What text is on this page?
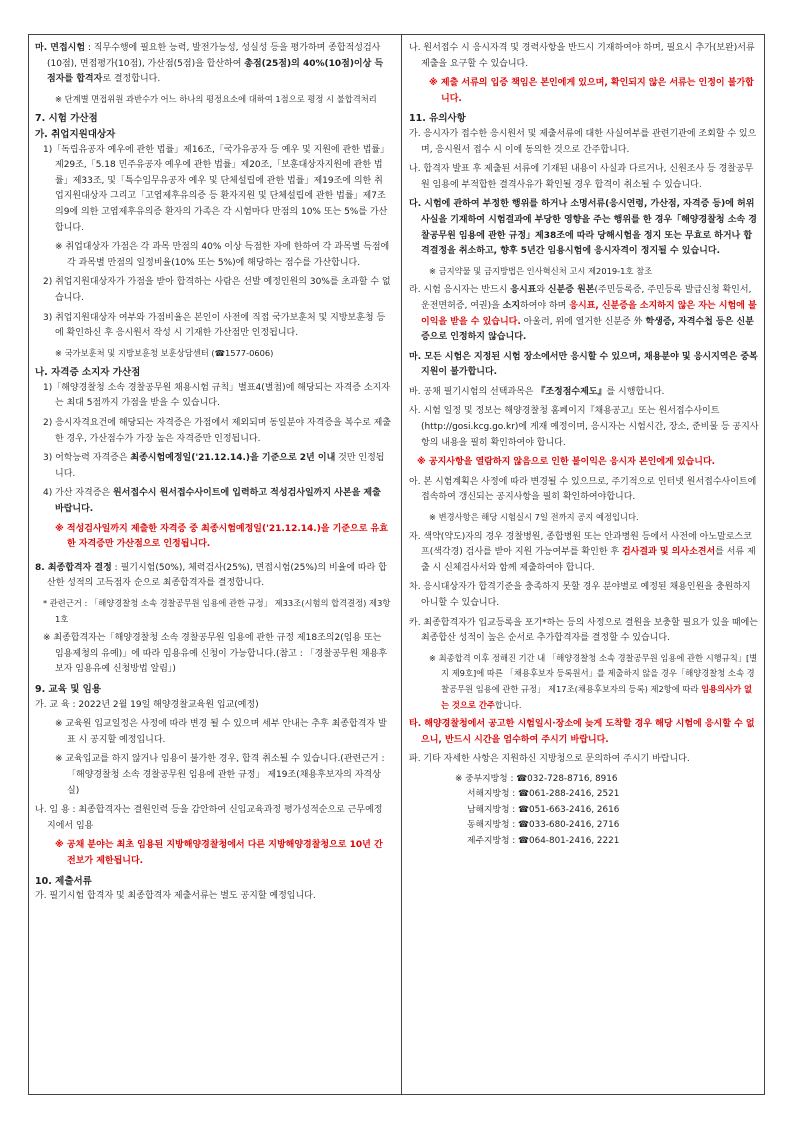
마. 면접시험 : 직무수행에 필요한 능력, 발전가능성, 성실성 등을 평가하며 종합적성검사(10점), 면접평가(10점), 가산점(5점)을 합산하여 총점(25점)의 40%(10점)이상 득점자를 합격자로 결정합니다.

※ 단계별 면접위원 과반수가 어느 하나의 평정요소에 대하여 1점으로 평정 시 불합격처리

7. 시험 가산점

가. 취업지원대상자

1)「독립유공자 예우에 관한 법률」제16조,「국가유공자 등 예우 및 지원에 관한 법률」제29조,「5.18 민주유공자 예우에 관한 법률」제20조,「보훈대상자지원에 관한 법률」제33조, 및「특수임무유공자 예우 및 단체설립에 관한 법률」제19조에 의한 취업지원대상자 그리고「고엽제후유의증 등 환자지원 및 단체설립에 관한 법률」제7조의9에 의한 고엽제후유의증 환자의 가족은 각 시험마다 만점의 10% 또는 5%를 가산합니다.

※ 취업대상자 가점은 각 과목 만점의 40% 이상 득점한 자에 한하여 각 과목별 득점에 각 과목별 만점의 일정비율(10% 또는 5%)에 해당하는 점수를 가산합니다.

2) 취업지원대상자가 가점을 받아 합격하는 사람은 선발 예정인원의 30%를 초과할 수 없습니다.

3) 취업지원대상자 여부와 가점비율은 본인이 사전에 직접 국가보훈처 및 지방보훈청 등에 확인하신 후 응시원서 작성 시 기재한 가산점만 인정됩니다.

※ 국가보훈처 및 지방보훈청 보훈상담센터 (☎1577-0606)

나. 자격증 소지자 가산점

1)「해양경찰청 소속 경찰공무원 채용시험 규칙」별표4(별첨)에 해당되는 자격증 소지자는 최대 5점까지 가점을 받을 수 있습니다.

2) 응시자격요건에 해당되는 자격증은 가점에서 제외되며 동일분야 자격증을 복수로 제출한 경우, 가산점수가 가장 높은 자격증만 인정됩니다.

3) 어학능력 자격증은 최종시험예정일('21.12.14.)을 기준으로 2년 이내 것만 인정됩니다.

4) 가산 자격증은 원서접수시 원서접수사이트에 입력하고 적성검사일까지 사본을 제출 바랍니다.

※ 적성검사일까지 제출한 자격증 중 최종시험예정일('21.12.14.)을 기준으로 유효한 자격증만 가산점으로 인정됩니다.

8. 최종합격자 결정 : 필기시험(50%), 체력검사(25%), 면접시험(25%)의 비율에 따라 합산한 성적의 고득점자 순으로 최종합격자를 결정합니다.

* 관련근거 : 「해양경찰청 소속 경찰공무원 임용에 관한 규정」 제33조(시험의 합격결정) 제3항1호

※ 최종합격자는「해양경찰청 소속 경찰공무원 임용에 관한 규정 제18조의2(임용 또는 임용제청의 유예)」에 따라 임용유예 신청이 가능합니다.(참고 : 「경찰공무원 채용후보자 임용유예 신청방법 알림」)

9. 교육 및 임용

가. 교 육 : 2022년 2월 19일 해양경찰교육원 입교(예정)

※ 교육원 입교일정은 사정에 따라 변경 될 수 있으며 세부 안내는 추후 최종합격자 발표 시 공지할 예정입니다.

※ 교육입교를 하지 않거나 임용이 불가한 경우, 합격 취소될 수 있습니다.(관련근거 : 「해양경찰청 소속 경찰공무원 임용에 관한 규정」 제19조(채용후보자의 자격상실)

나. 임 용 : 최종합격자는 결원인력 등을 감안하여 신임교육과정 평가성적순으로 근무예정지에서 임용

※ 공채 분야는 최초 임용된 지방해양경찰청에서 다른 지방해양경찰청으로 10년 간 전보가 제한됩니다.

10. 제출서류

가. 필기시험 합격자 및 최종합격자 제출서류는 별도 공지할 예정입니다.

나. 원서접수 시 응시자격 및 경력사항을 반드시 기재하여야 하며, 필요시 추가(보완)서류 제출을 요구할 수 있습니다.

※ 제출 서류의 입증 책임은 본인에게 있으며, 확인되지 않은 서류는 인정이 불가합니다.

11. 유의사항

가. 응시자가 접수한 응시원서 및 제출서류에 대한 사실여부를 관련기관에 조회할 수 있으며, 응시원서 접수 시 이에 동의한 것으로 간주합니다.

나. 합격자 발표 후 제출된 서류에 기재된 내용이 사실과 다르거나, 신원조사 등 경찰공무원 임용에 부적합한 결격사유가 확인될 경우 합격이 취소될 수 있습니다.

다. 시험에 관하여 부정한 행위를 하거나 소명서류(응시연령, 가산점, 자격증 등)에 허위사실을 기재하여 시험결과에 부당한 영향을 주는 행위를 한 경우「해양경찰청 소속 경찰공무원 임용에 관한 규정」제38조에 따라 당해시험을 정지 또는 무효로 하거나 합격결정을 취소하고, 향후 5년간 임용시험에 응시자격이 정지될 수 있습니다.

※ 금지약물 및 금지방법은 인사혁신처 고시 제2019-1호 참조

라. 시험 응시자는 반드시 응시표와 신분증 원본(주민등록증, 주민등록 발급신청 확인서, 운전면허증, 여권)을 소지하여야 하며 응시표, 신분증을 소지하지 않은 자는 시험에 불이익을 받을 수 있습니다. 아울러, 위에 열거한 신분증 外 학생증, 자격수첩 등은 신분증으로 인정하지 않습니다.

마. 모든 시험은 지정된 시험 장소에서만 응시할 수 있으며, 채용분야 및 응시지역은 중복지원이 불가합니다.

바. 공채 필기시험의 선택과목은 『조정점수제도』를 시행합니다.

사. 시험 일정 및 정보는 해양경찰청 홈페이지『채용공고』또는 원서접수사이트(http://gosi.kcg.go.kr)에 게재 예정이며, 응시자는 시험시간, 장소, 준비물 등 공지사항의 내용을 필히 확인하여야 합니다.

※ 공지사항을 열람하지 않음으로 인한 불이익은 응시자 본인에게 있습니다.

아. 본 시험계획은 사정에 따라 변경될 수 있으므로, 주기적으로 인터넷 원서접수사이트에 접속하여 갱신되는 공지사항을 필히 확인하여야합니다.

※ 변경사항은 해당 시험실시 7일 전까지 공지 예정입니다.

자. 색약(약도)자의 경우 경찰병원, 종합병원 또는 안과병원 등에서 사전에 아노말로스코프(색각경) 검사를 받아 지원 가능여부를 확인한 후 검사결과 및 의사소견서를 서류 제출 시 신체검사서와 함께 제출하여야 합니다.

차. 응시대상자가 합격기준을 충족하지 못할 경우 분야별로 예정된 채용인원을 충원하지 아니할 수 있습니다.

카. 최종합격자가 입교등록을 포기*하는 등의 사정으로 결원을 보충할 필요가 있을 때에는 최종합산 성적이 높은 순서로 추가합격자를 결정할 수 있습니다.

※ 최종합격 이후 정해진 기간 내 「해양경찰청 소속 경찰공무원 임용에 관한 시행규칙」[별지 제9호]에 따른 「채용후보자 등록원서」를 제출하지 않을 경우「해양경찰청 소속 경찰공무원 임용에 관한 규정」 제17조(채용후보자의 등록) 제2항에 따라 임용의사가 없는 것으로 간주합니다.

타. 해양경찰청에서 공고한 시험일시·장소에 늦게 도착할 경우 해당 시험에 응시할 수 없으니, 반드시 시간을 엄수하여 주시기 바랍니다.

파. 기타 자세한 사항은 지원하신 지방청으로 문의하여 주시기 바랍니다.

※ 중부지방청 : ☎032-728-8716, 8916
서해지방청 : ☎061-288-2416, 2521
남해지방청 : ☎051-663-2416, 2616
동해지방청 : ☎033-680-2416, 2716
제주지방청 : ☎064-801-2416, 2221
